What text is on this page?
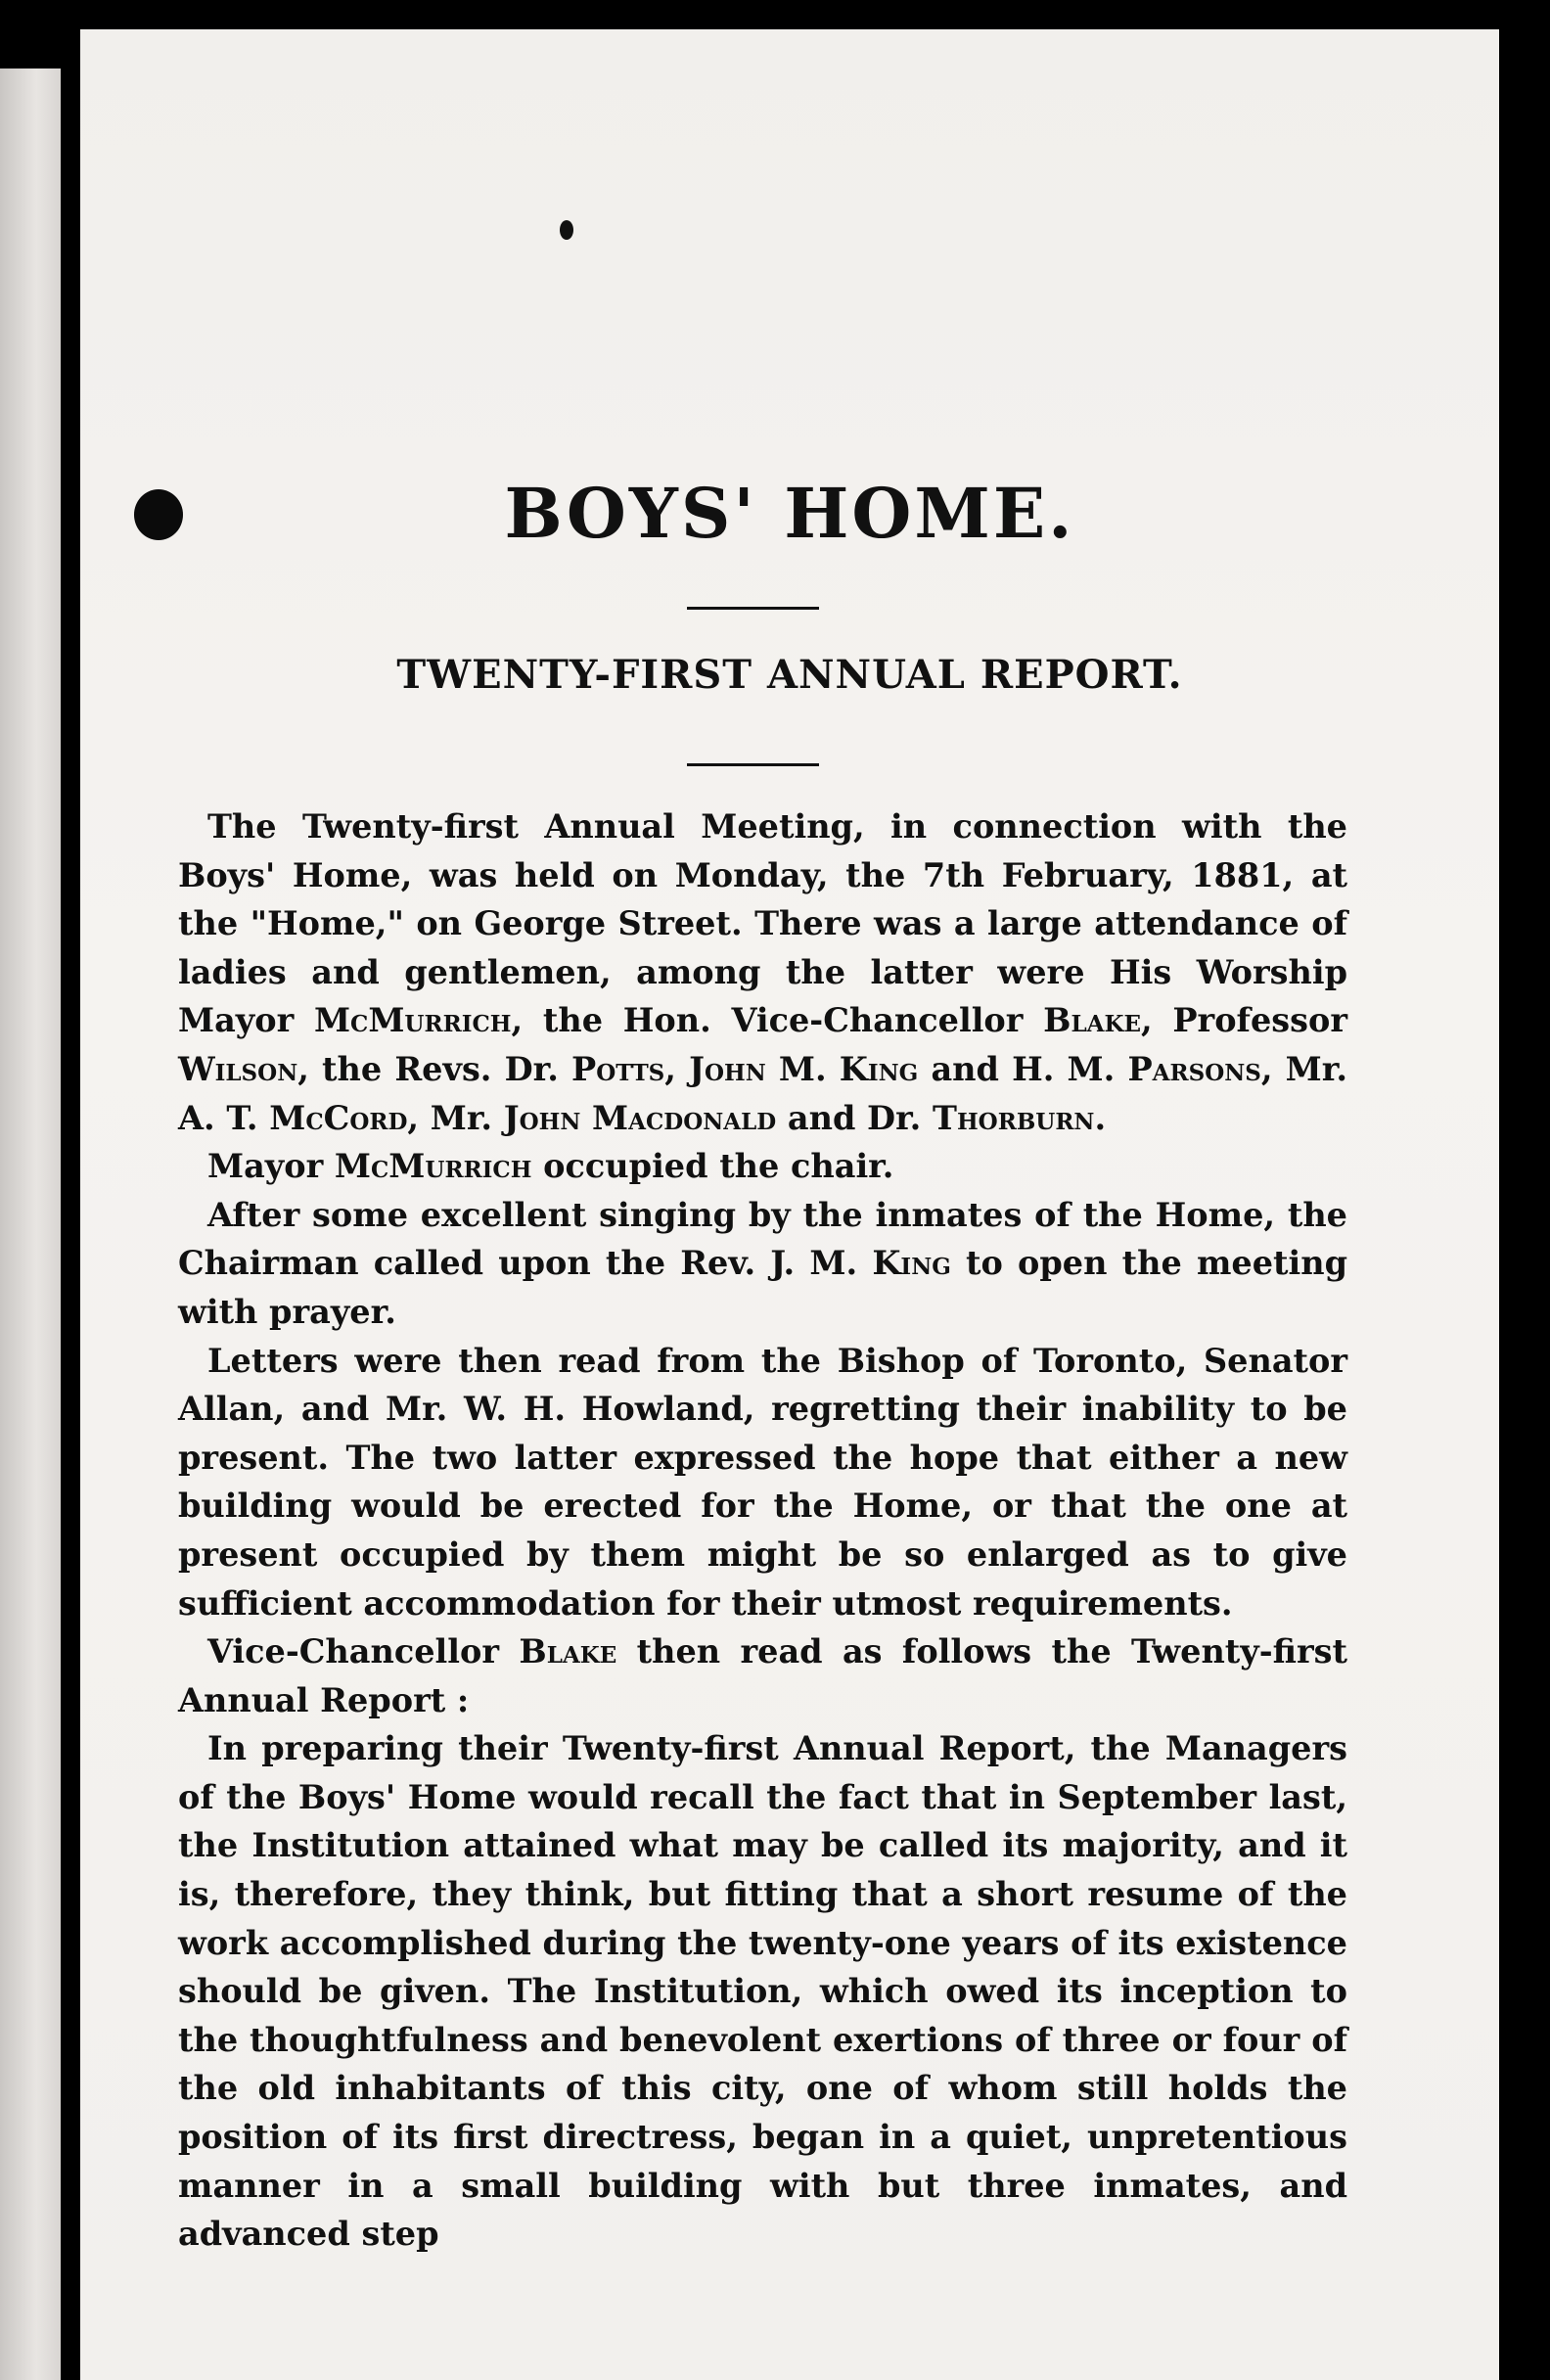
BOYS' HOME.
TWENTY-FIRST ANNUAL REPORT.

The Twenty-first Annual Meeting, in connection with the Boys' Home, was held on Monday, the 7th February, 1881, at the "Home," on George Street. There was a large attendance of ladies and gentlemen, among the latter were His Worship Mayor McMurrich, the Hon. Vice-Chancellor Blake, Professor Wilson, the Revs. Dr. Potts, John M. King and H. M. Parsons, Mr. A. T. McCord, Mr. John Macdonald and Dr. Thorburn.

Mayor McMurrich occupied the chair.

After some excellent singing by the inmates of the Home, the Chairman called upon the Rev. J. M. King to open the meeting with prayer.

Letters were then read from the Bishop of Toronto, Senator Allan, and Mr. W. H. Howland, regretting their inability to be present. The two latter expressed the hope that either a new building would be erected for the Home, or that the one at present occupied by them might be so enlarged as to give sufficient accommodation for their utmost requirements.

Vice-Chancellor Blake then read as follows the Twenty-first Annual Report :

In preparing their Twenty-first Annual Report, the Managers of the Boys' Home would recall the fact that in September last, the Institution attained what may be called its majority, and it is, therefore, they think, but fitting that a short resume of the work accomplished during the twenty-one years of its existence should be given. The Institution, which owed its inception to the thoughtfulness and benevolent exertions of three or four of the old inhabitants of this city, one of whom still holds the position of its first directress, began in a quiet, unpretentious manner in a small building with but three inmates, and advanced step
